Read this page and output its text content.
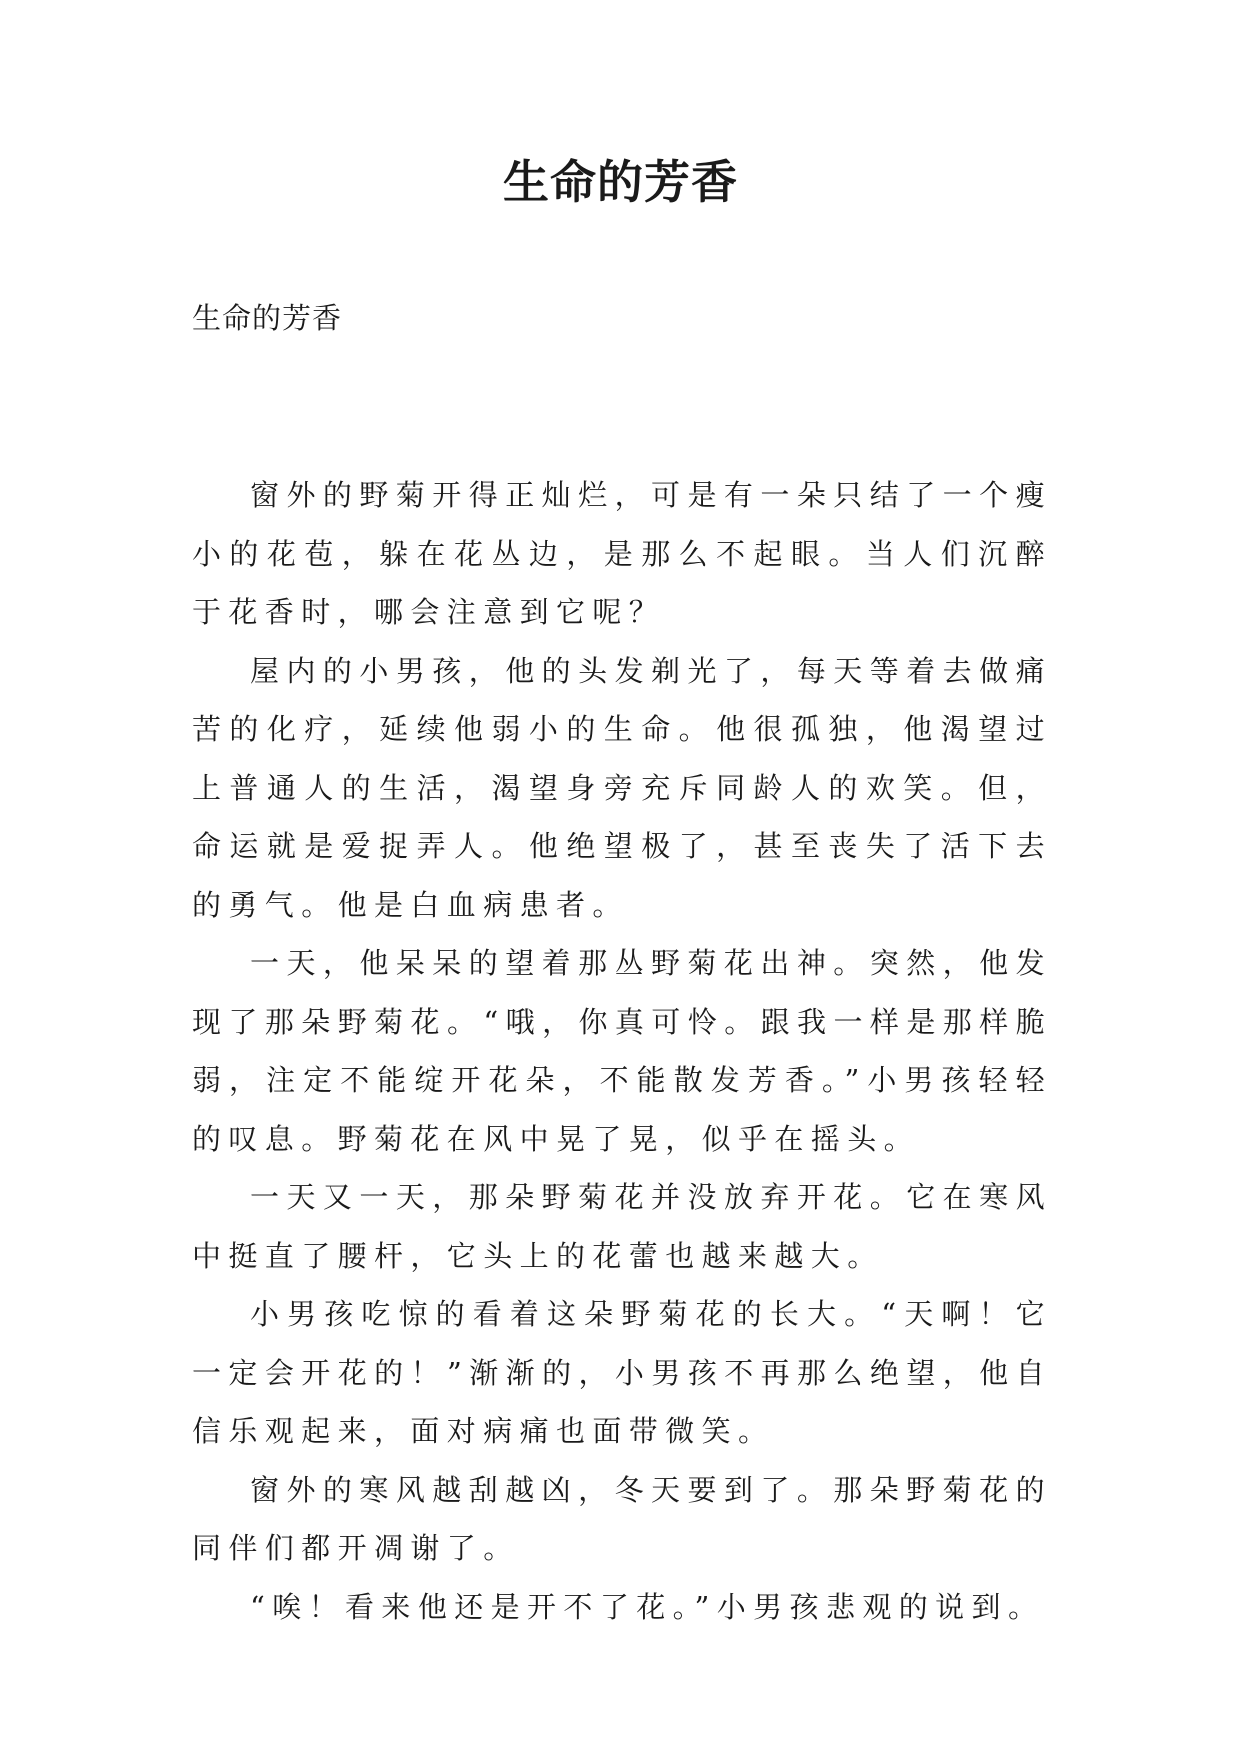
生命的芳香

生命的芳香

窗外的野菊开得正灿烂，可是有一朵只结了一个瘦小的花苞，躲在花丛边，是那么不起眼。当人们沉醉于花香时，哪会注意到它呢？

屋内的小男孩，他的头发剃光了，每天等着去做痛苦的化疗，延续他弱小的生命。他很孤独，他渴望过上普通人的生活，渴望身旁充斥同龄人的欢笑。但，命运就是爱捉弄人。他绝望极了，甚至丧失了活下去的勇气。他是白血病患者。

一天，他呆呆的望着那丛野菊花出神。突然，他发现了那朵野菊花。“哦，你真可怜。跟我一样是那样脆弱，注定不能绽开花朵，不能散发芳香。”小男孩轻轻的叹息。野菊花在风中晃了晃，似乎在摇头。

一天又一天，那朵野菊花并没放弃开花。它在寒风中挺直了腰杆，它头上的花蕾也越来越大。

小男孩吃惊的看着这朵野菊花的长大。“天啊！它一定会开花的！”渐渐的，小男孩不再那么绝望，他自信乐观起来，面对病痛也面带微笑。

窗外的寒风越刮越凶，冬天要到了。那朵野菊花的同伴们都开凋谢了。

“唉！看来他还是开不了花。”小男孩悲观的说到。
